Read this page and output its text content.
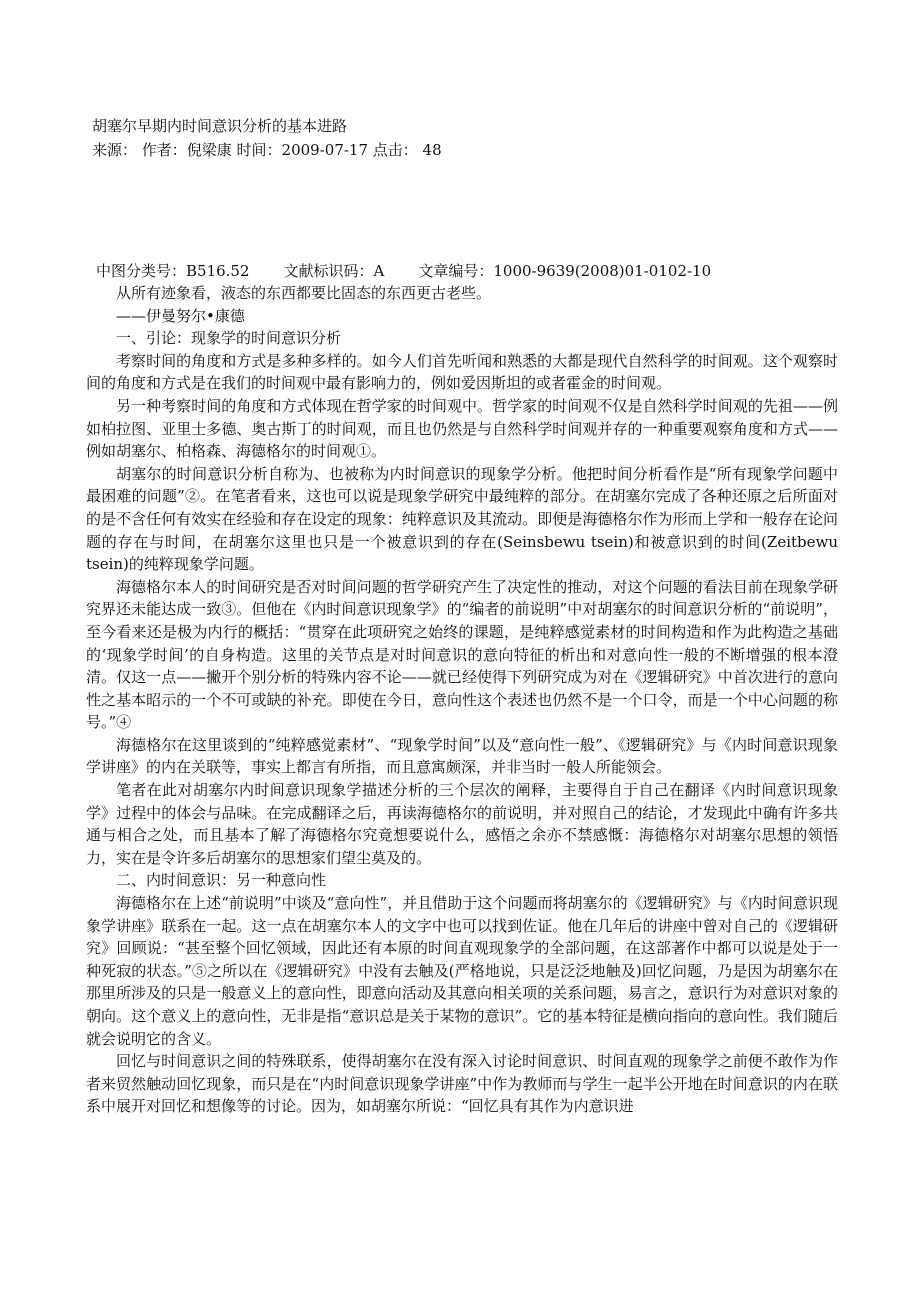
胡塞尔早期内时间意识分析的基本进路
来源： 作者：倪梁康 时间：2009-07-17 点击： 48
中图分类号：B516.52 文献标识码：A 文章编号：1000-9639(2008)01-0102-10

从所有迹象看，液态的东西都要比固态的东西更古老些。

——伊曼努尔•康德

一、引论：现象学的时间意识分析

考察时间的角度和方式是多种多样的。如今人们首先听闻和熟悉的大都是现代自然科学的时间观。这个观察时间的角度和方式是在我们的时间观中最有影响力的，例如爱因斯坦的或者霍金的时间观。

另一种考察时间的角度和方式体现在哲学家的时间观中。哲学家的时间观不仅是自然科学时间观的先祖——例如柏拉图、亚里士多德、奥古斯丁的时间观，而且也仍然是与自然科学时间观并存的一种重要观察角度和方式——例如胡塞尔、柏格森、海德格尔的时间观①。

胡塞尔的时间意识分析自称为、也被称为内时间意识的现象学分析。他把时间分析看作是“所有现象学问题中最困难的问题”②。在笔者看来，这也可以说是现象学研究中最纯粹的部分。在胡塞尔完成了各种还原之后所面对的是不含任何有效实在经验和存在设定的现象：纯粹意识及其流动。即便是海德格尔作为形而上学和一般存在论问题的存在与时间，在胡塞尔这里也只是一个被意识到的存在(Seinsbewu tsein)和被意识到的时间(Zeitbewu tsein)的纯粹现象学问题。

海德格尔本人的时间研究是否对时间问题的哲学研究产生了决定性的推动，对这个问题的看法目前在现象学研究界还未能达成一致③。但他在《内时间意识现象学》的“编者的前说明”中对胡塞尔的时间意识分析的“前说明”，至今看来还是极为内行的概括：“贯穿在此项研究之始终的课题，是纯粹感觉素材的时间构造和作为此构造之基础的‘现象学时间’的自身构造。这里的关节点是对时间意识的意向特征的析出和对意向性一般的不断增强的根本澄清。仅这一点——撇开个别分析的特殊内容不论——就已经使得下列研究成为对在《逻辑研究》中首次进行的意向性之基本昭示的一个不可或缺的补充。即使在今日，意向性这个表述也仍然不是一个口令，而是一个中心问题的称号。”④

海德格尔在这里谈到的“纯粹感觉素材”、“现象学时间”以及“意向性一般”、《逻辑研究》与《内时间意识现象学讲座》的内在关联等，事实上都言有所指，而且意寓颇深，并非当时一般人所能领会。

笔者在此对胡塞尔内时间意识现象学描述分析的三个层次的阐释，主要得自于自己在翻译《内时间意识现象学》过程中的体会与品味。在完成翻译之后，再读海德格尔的前说明，并对照自己的结论，才发现此中确有许多共通与相合之处，而且基本了解了海德格尔究竟想要说什么，感悟之余亦不禁感慨：海德格尔对胡塞尔思想的领悟力，实在是令许多后胡塞尔的思想家们望尘莫及的。

二、内时间意识：另一种意向性

海德格尔在上述“前说明”中谈及“意向性”，并且借助于这个问题而将胡塞尔的《逻辑研究》与《内时间意识现象学讲座》联系在一起。这一点在胡塞尔本人的文字中也可以找到佐证。他在几年后的讲座中曾对自己的《逻辑研究》回顾说：“甚至整个回忆领域，因此还有本原的时间直观现象学的全部问题，在这部著作中都可以说是处于一种死寂的状态。”⑤之所以在《逻辑研究》中没有去触及(严格地说，只是泛泛地触及)回忆问题，乃是因为胡塞尔在那里所涉及的只是一般意义上的意向性，即意向活动及其意向相关项的关系问题，易言之，意识行为对意识对象的朝向。这个意义上的意向性，无非是指“意识总是关于某物的意识”。它的基本特征是横向指向的意向性。我们随后就会说明它的含义。

回忆与时间意识之间的特殊联系，使得胡塞尔在没有深入讨论时间意识、时间直观的现象学之前便不敢作为作者来贸然触动回忆现象，而只是在“内时间意识现象学讲座”中作为教师而与学生一起半公开地在时间意识的内在联系中展开对回忆和想像等的讨论。因为，如胡塞尔所说：“回忆具有其作为内意识进
